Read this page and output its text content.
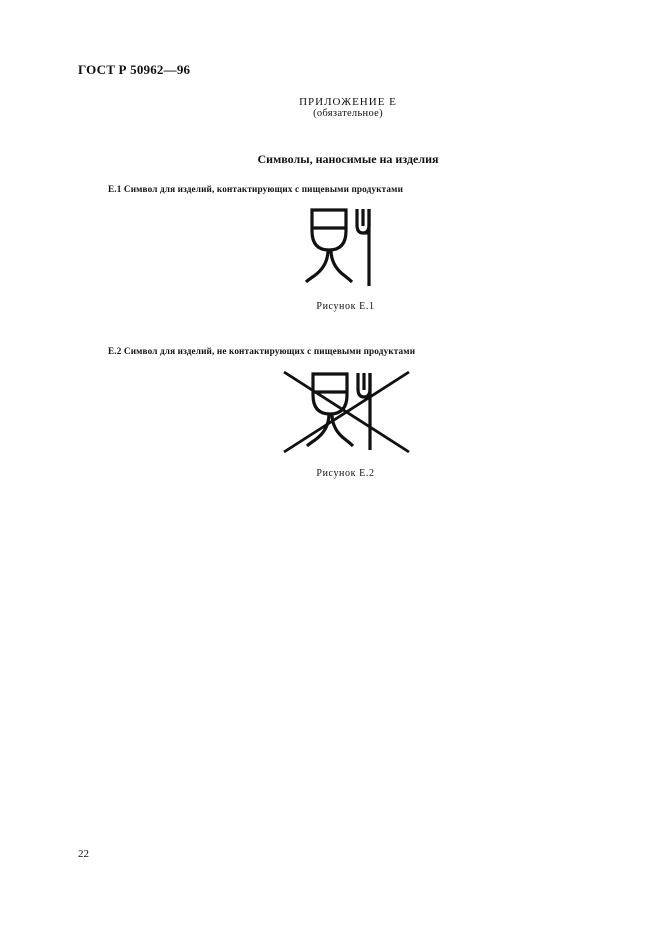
ГОСТ Р 50962—96
ПРИЛОЖЕНИЕ Е
(обязательное)
Символы, наносимые на изделия
Е.1 Символ для изделий, контактирующих с пищевыми продуктами
Рисунок Е.1
Е.2 Символ для изделий, не контактирующих с пищевыми продуктами
Рисунок Е.2
22
